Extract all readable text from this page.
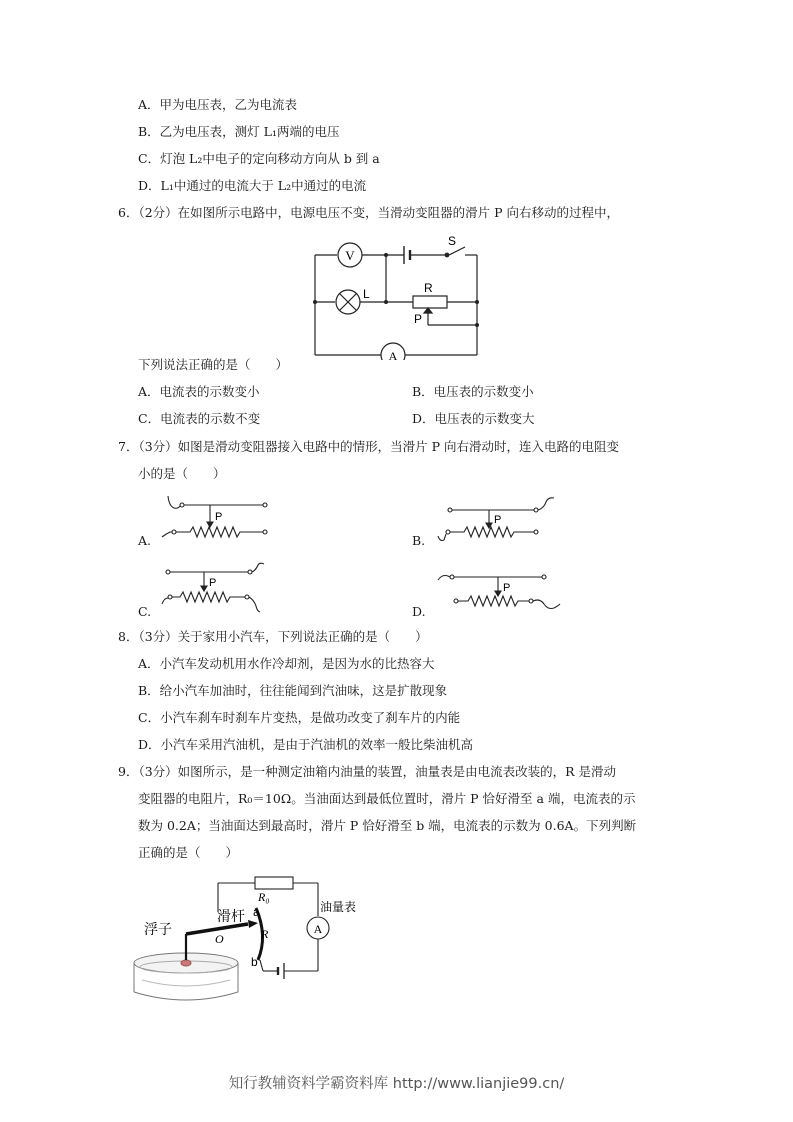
A．甲为电压表，乙为电流表
B．乙为电压表，测灯 L₁两端的电压
C．灯泡 L₂中电子的定向移动方向从 b 到 a
D．L₁中通过的电流大于 L₂中通过的电流
6．（2分）在如图所示电路中，电源电压不变，当滑动变阻器的滑片 P 向右移动的过程中，
V
S
L	R
P
A
下列说法正确的是（　　）
A．电流表的示数变小	B．电压表的示数变小
C．电流表的示数不变	D．电压表的示数变大
7．（3分）如图是滑动变阻器接入电路中的情形，当滑片 P 向右滑动时，连入电路的电阻变
小的是（　　）
A.
P
B.
P
C.
P
D.
P
8．（3分）关于家用小汽车，下列说法正确的是（　　）
A．小汽车发动机用水作冷却剂，是因为水的比热容大
B．给小汽车加油时，往往能闻到汽油味，这是扩散现象
C．小汽车刹车时刹车片变热，是做功改变了刹车片的内能
D．小汽车采用汽油机，是由于汽油机的效率一般比柴油机高
9．（3分）如图所示，是一种测定油箱内油量的装置，油量表是由电流表改装的，R 是滑动
变阻器的电阻片，R₀＝10Ω。当油面达到最低位置时，滑片 P 恰好滑至 a 端，电流表的示
数为 0.2A；当油面达到最高时，滑片 P 恰好滑至 b 端，电流表的示数为 0.6A。下列判断
正确的是（　　）
R₀
油量表
A
浮子
滑杆
O	R
a
b
知行教辅资料学霸资料库 http://www.lianjie99.cn/
